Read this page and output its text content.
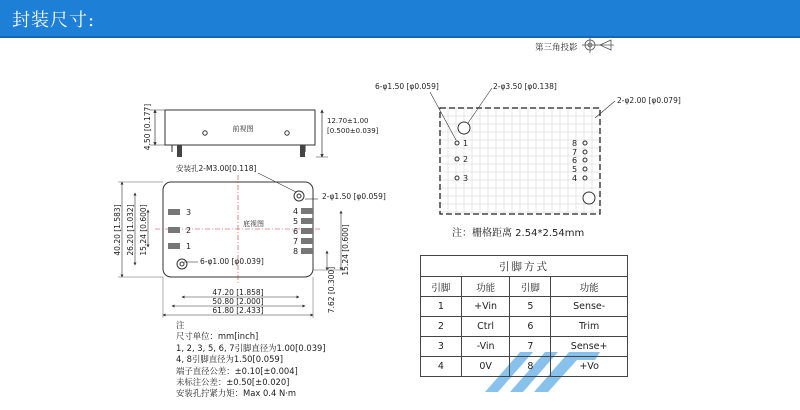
封装尺寸:
第三角投影
前视图
4.50 [0.177]	12.70±1.00
[0.500±0.039]
底视图
3
2
1
4
5
6
7
8
安装孔2-M3.00[0.118]
2-φ1.50 [φ0.059]
6-φ1.00 [φ0.039]
40.20 [1.583] 26.20 [1.032] 15.24 [0.600]
47.20 [1.858]
50.80 [2.000]
61.80 [2.433]	7.62 [0.300]
15.24 [0.600]
1
2
3
8
7
6
5
4
6-φ1.50 [φ0.059]	2-φ3.50 [φ0.138]
2-φ2.00 [φ0.079]
注：栅格距离 2.54*2.54mm
注
尺寸单位：mm[inch]
1, 2, 3, 5, 6, 7引脚直径为1.00[0.039]
4, 8引脚直径为1.50[0.059]
端子直径公差：±0.10[±0.004]
未标注公差：±0.50[±0.020]
安装孔拧紧力矩：Max 0.4 N·m
引脚方式			
引脚	功能	引脚	功能
1	+Vin	5	Sense-
2	Ctrl	6	Trim
3	-Vin	7	Sense+
4	0V	8	+Vo
